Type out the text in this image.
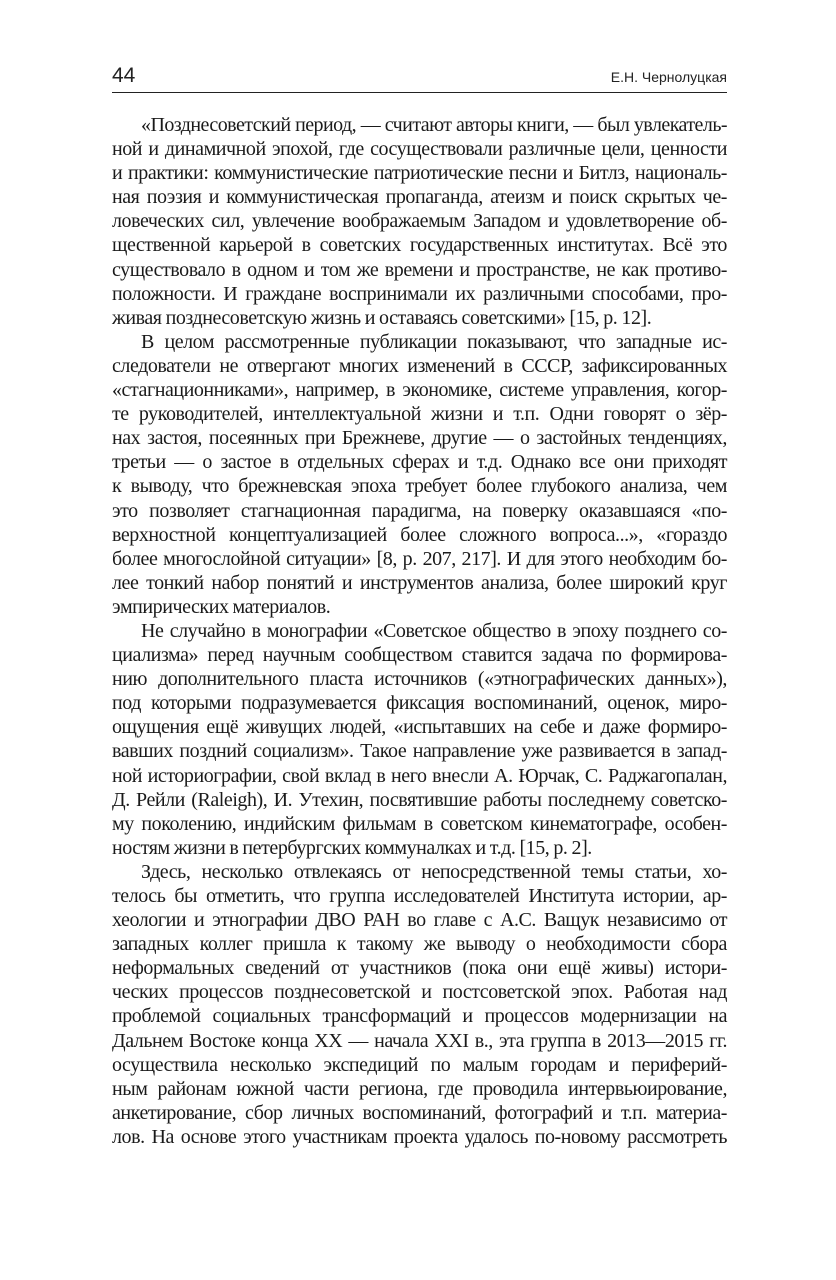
44	Е.Н. Чернолуцкая

«Позднесоветский период, — считают авторы книги, — был увлекатель-
ной и динамичной эпохой, где сосуществовали различные цели, ценности
и практики: коммунистические патриотические песни и Битлз, националь-
ная поэзия и коммунистическая пропаганда, атеизм и поиск скрытых че-
ловеческих сил, увлечение воображаемым Западом и удовлетворение об-
щественной карьерой в советских государственных институтах. Всё это
существовало в одном и том же времени и пространстве, не как противо-
положности. И граждане воспринимали их различными способами, про-
живая позднесоветскую жизнь и оставаясь советскими» [15, p. 12].

В целом рассмотренные публикации показывают, что западные ис-
следователи не отвергают многих изменений в СССР, зафиксированных
«стагнационниками», например, в экономике, системе управления, когор-
те руководителей, интеллектуальной жизни и т.п. Одни говорят о зёр-
нах застоя, посеянных при Брежневе, другие — о застойных тенденциях,
третьи — о застое в отдельных сферах и т.д. Однако все они приходят
к выводу, что брежневская эпоха требует более глубокого анализа, чем
это позволяет стагнационная парадигма, на поверку оказавшаяся «по-
верхностной концептуализацией более сложного вопроса...», «гораздо
более многослойной ситуации» [8, p. 207, 217]. И для этого необходим бо-
лее тонкий набор понятий и инструментов анализа, более широкий круг
эмпирических материалов.

Не случайно в монографии «Советское общество в эпоху позднего со-
циализма» перед научным сообществом ставится задача по формирова-
нию дополнительного пласта источников («этнографических данных»),
под которыми подразумевается фиксация воспоминаний, оценок, миро-
ощущения ещё живущих людей, «испытавших на себе и даже формиро-
вавших поздний социализм». Такое направление уже развивается в запад-
ной историографии, свой вклад в него внесли А. Юрчак, С. Раджагопалан,
Д. Рейли (Raleigh), И. Утехин, посвятившие работы последнему советско-
му поколению, индийским фильмам в советском кинематографе, особен-
ностям жизни в петербургских коммуналках и т.д. [15, p. 2].

Здесь, несколько отвлекаясь от непосредственной темы статьи, хо-
телось бы отметить, что группа исследователей Института истории, ар-
хеологии и этнографии ДВО РАН во главе с А.С. Ващук независимо от
западных коллег пришла к такому же выводу о необходимости сбора
неформальных сведений от участников (пока они ещё живы) истори-
ческих процессов позднесоветской и постсоветской эпох. Работая над
проблемой социальных трансформаций и процессов модернизации на
Дальнем Востоке конца XX — начала XXI в., эта группа в 2013—2015 гг.
осуществила несколько экспедиций по малым городам и периферий-
ным районам южной части региона, где проводила интервьюирование,
анкетирование, сбор личных воспоминаний, фотографий и т.п. материа-
лов. На основе этого участникам проекта удалось по-новому рассмотреть
